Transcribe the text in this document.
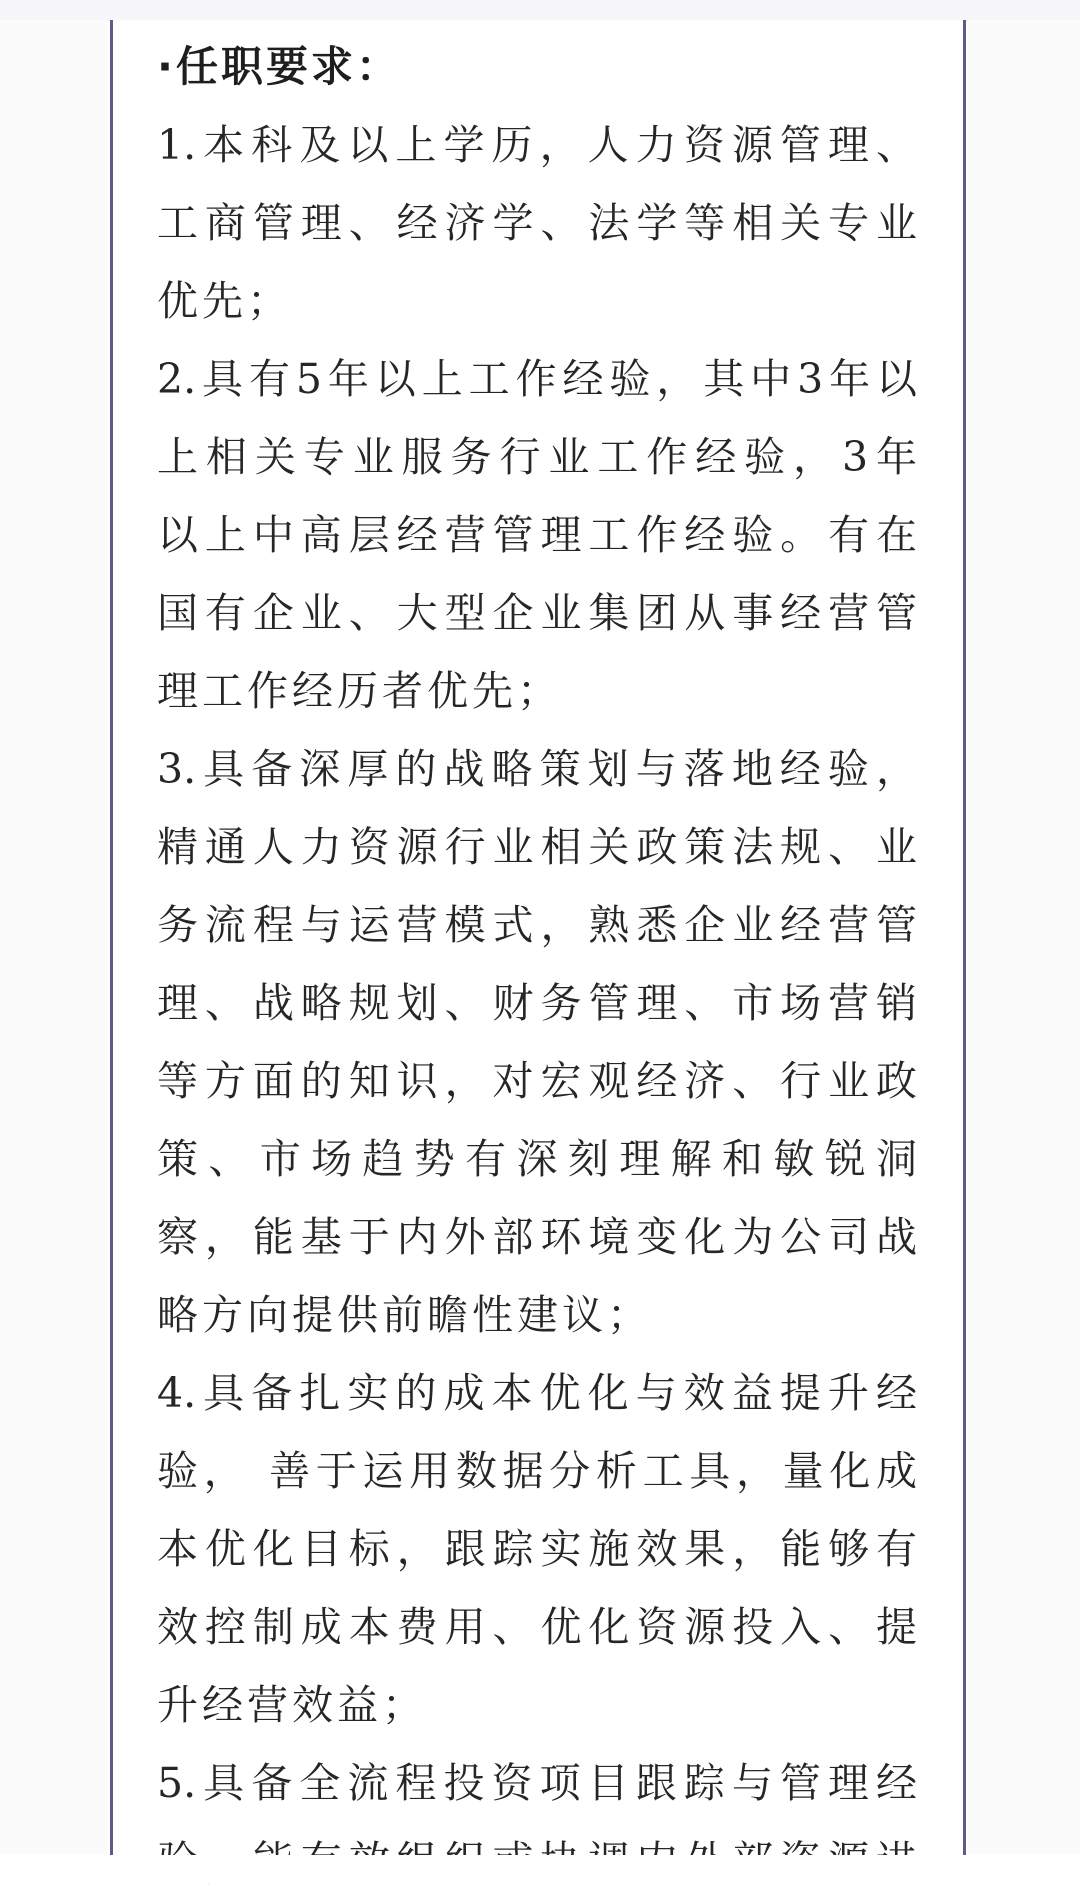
·任职要求：
1.本科及以上学历，人力资源管理、
工商管理、经济学、法学等相关专业
优先；
2.具有5年以上工作经验，其中3年以
上相关专业服务行业工作经验，3年
以上中高层经营管理工作经验。有在
国有企业、大型企业集团从事经营管
理工作经历者优先；
3.具备深厚的战略策划与落地经验，
精通人力资源行业相关政策法规、业
务流程与运营模式，熟悉企业经营管
理、战略规划、财务管理、市场营销
等方面的知识，对宏观经济、行业政
策、市场趋势有深刻理解和敏锐洞
察，能基于内外部环境变化为公司战
略方向提供前瞻性建议；
4.具备扎实的成本优化与效益提升经
验， 善于运用数据分析工具，量化成
本优化目标，跟踪实施效果，能够有
效控制成本费用、优化资源投入、提
升经营效益；
5.具备全流程投资项目跟踪与管理经
